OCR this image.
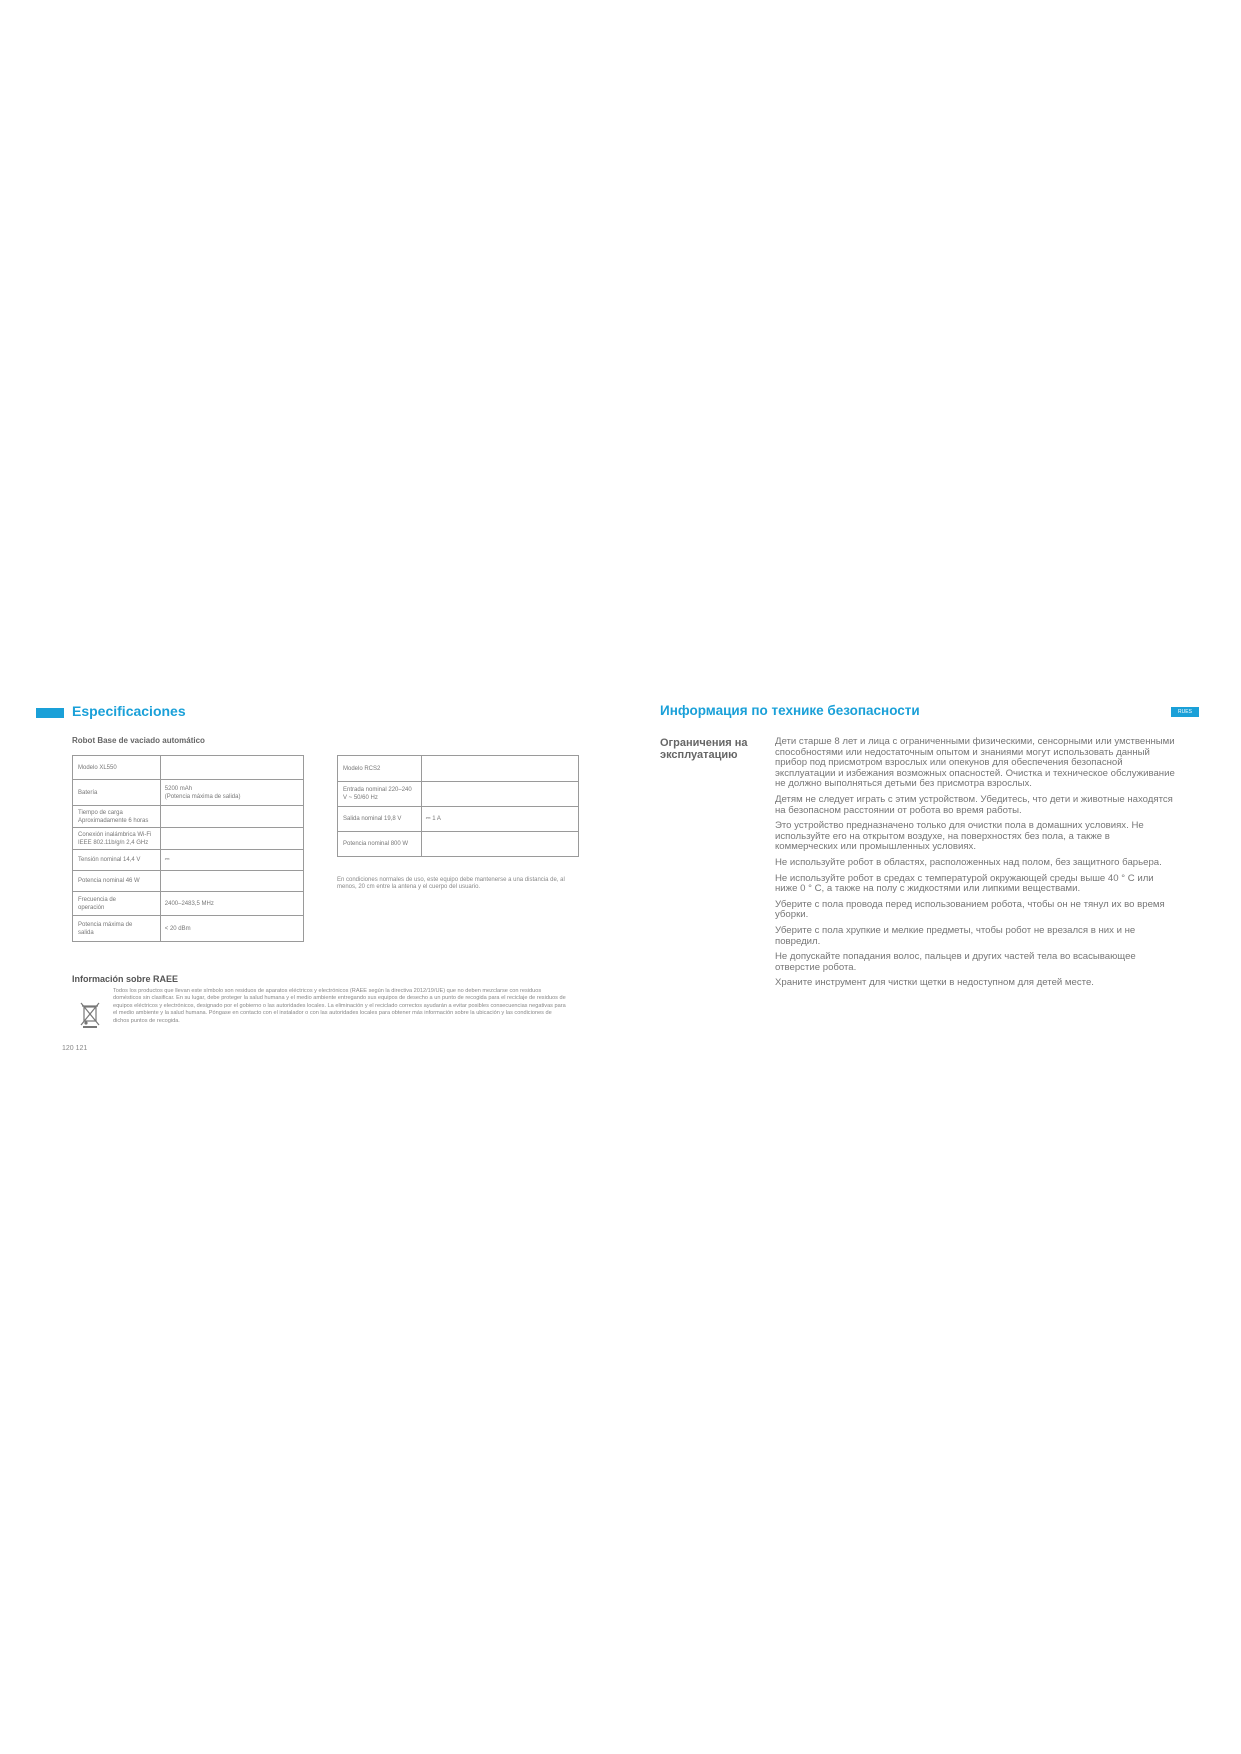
Especificaciones
Robot Base de vaciado automático
Modelo XL550	
Batería	5200 mAh
(Potencia máxima de salida)
Tiempo de carga Aproximadamente 6 horas	
Conexión inalámbrica Wi-Fi IEEE 802.11b/g/n 2,4 GHz	
Tensión nominal 14,4 V	⎓
Potencia nominal 46 W	
Frecuencia de
operación	2400–2483,5 MHz
Potencia máxima de
salida	< 20 dBm
Modelo RCS2	
Entrada nominal 220–240 V ~ 50/60 Hz	
Salida nominal 19,8 V	⎓ 1 A
Potencia nominal 800 W	
En condiciones normales de uso, este equipo debe mantenerse a una distancia de, al menos, 20 cm entre la antena y el cuerpo del usuario.
Información sobre RAEE
Todos los productos que llevan este símbolo son residuos de aparatos eléctricos y electrónicos (RAEE según la directiva 2012/19/UE) que no deben mezclarse con residuos domésticos sin clasificar. En su lugar, debe proteger la salud humana y el medio ambiente entregando sus equipos de desecho a un punto de recogida para el reciclaje de residuos de equipos eléctricos y electrónicos, designado por el gobierno o las autoridades locales. La eliminación y el reciclado correctos ayudarán a evitar posibles consecuencias negativas para el medio ambiente y la salud humana. Póngase en contacto con el instalador o con las autoridades locales para obtener más información sobre la ubicación y las condiciones de dichos puntos de recogida.
120 121
Информация по технике безопасности	RUES
Ограничения на эксплуатацию

Дети старше 8 лет и лица с ограниченными физическими, сенсорными или умственными способностями или недостаточным опытом и знаниями могут использовать данный прибор под присмотром взрослых или опекунов для обеспечения безопасной эксплуатации и избежания возможных опасностей. Очистка и техническое обслуживание не должно выполняться детьми без присмотра взрослых.

Детям не следует играть с этим устройством. Убедитесь, что дети и животные находятся на безопасном расстоянии от робота во время работы.

Это устройство предназначено только для очистки пола в домашних условиях. Не используйте его на открытом воздухе, на поверхностях без пола, а также в коммерческих или промышленных условиях.

Не используйте робот в областях, расположенных над полом, без защитного барьера.

Не используйте робот в средах с температурой окружающей среды выше 40 ° C или ниже 0 ° C, а также на полу с жидкостями или липкими веществами.

Уберите с пола провода перед использованием робота, чтобы он не тянул их во время уборки.

Уберите с пола хрупкие и мелкие предметы, чтобы робот не врезался в них и не повредил.

Не допускайте попадания волос, пальцев и других частей тела во всасывающее отверстие робота.

Храните инструмент для чистки щетки в недоступном для детей месте.
